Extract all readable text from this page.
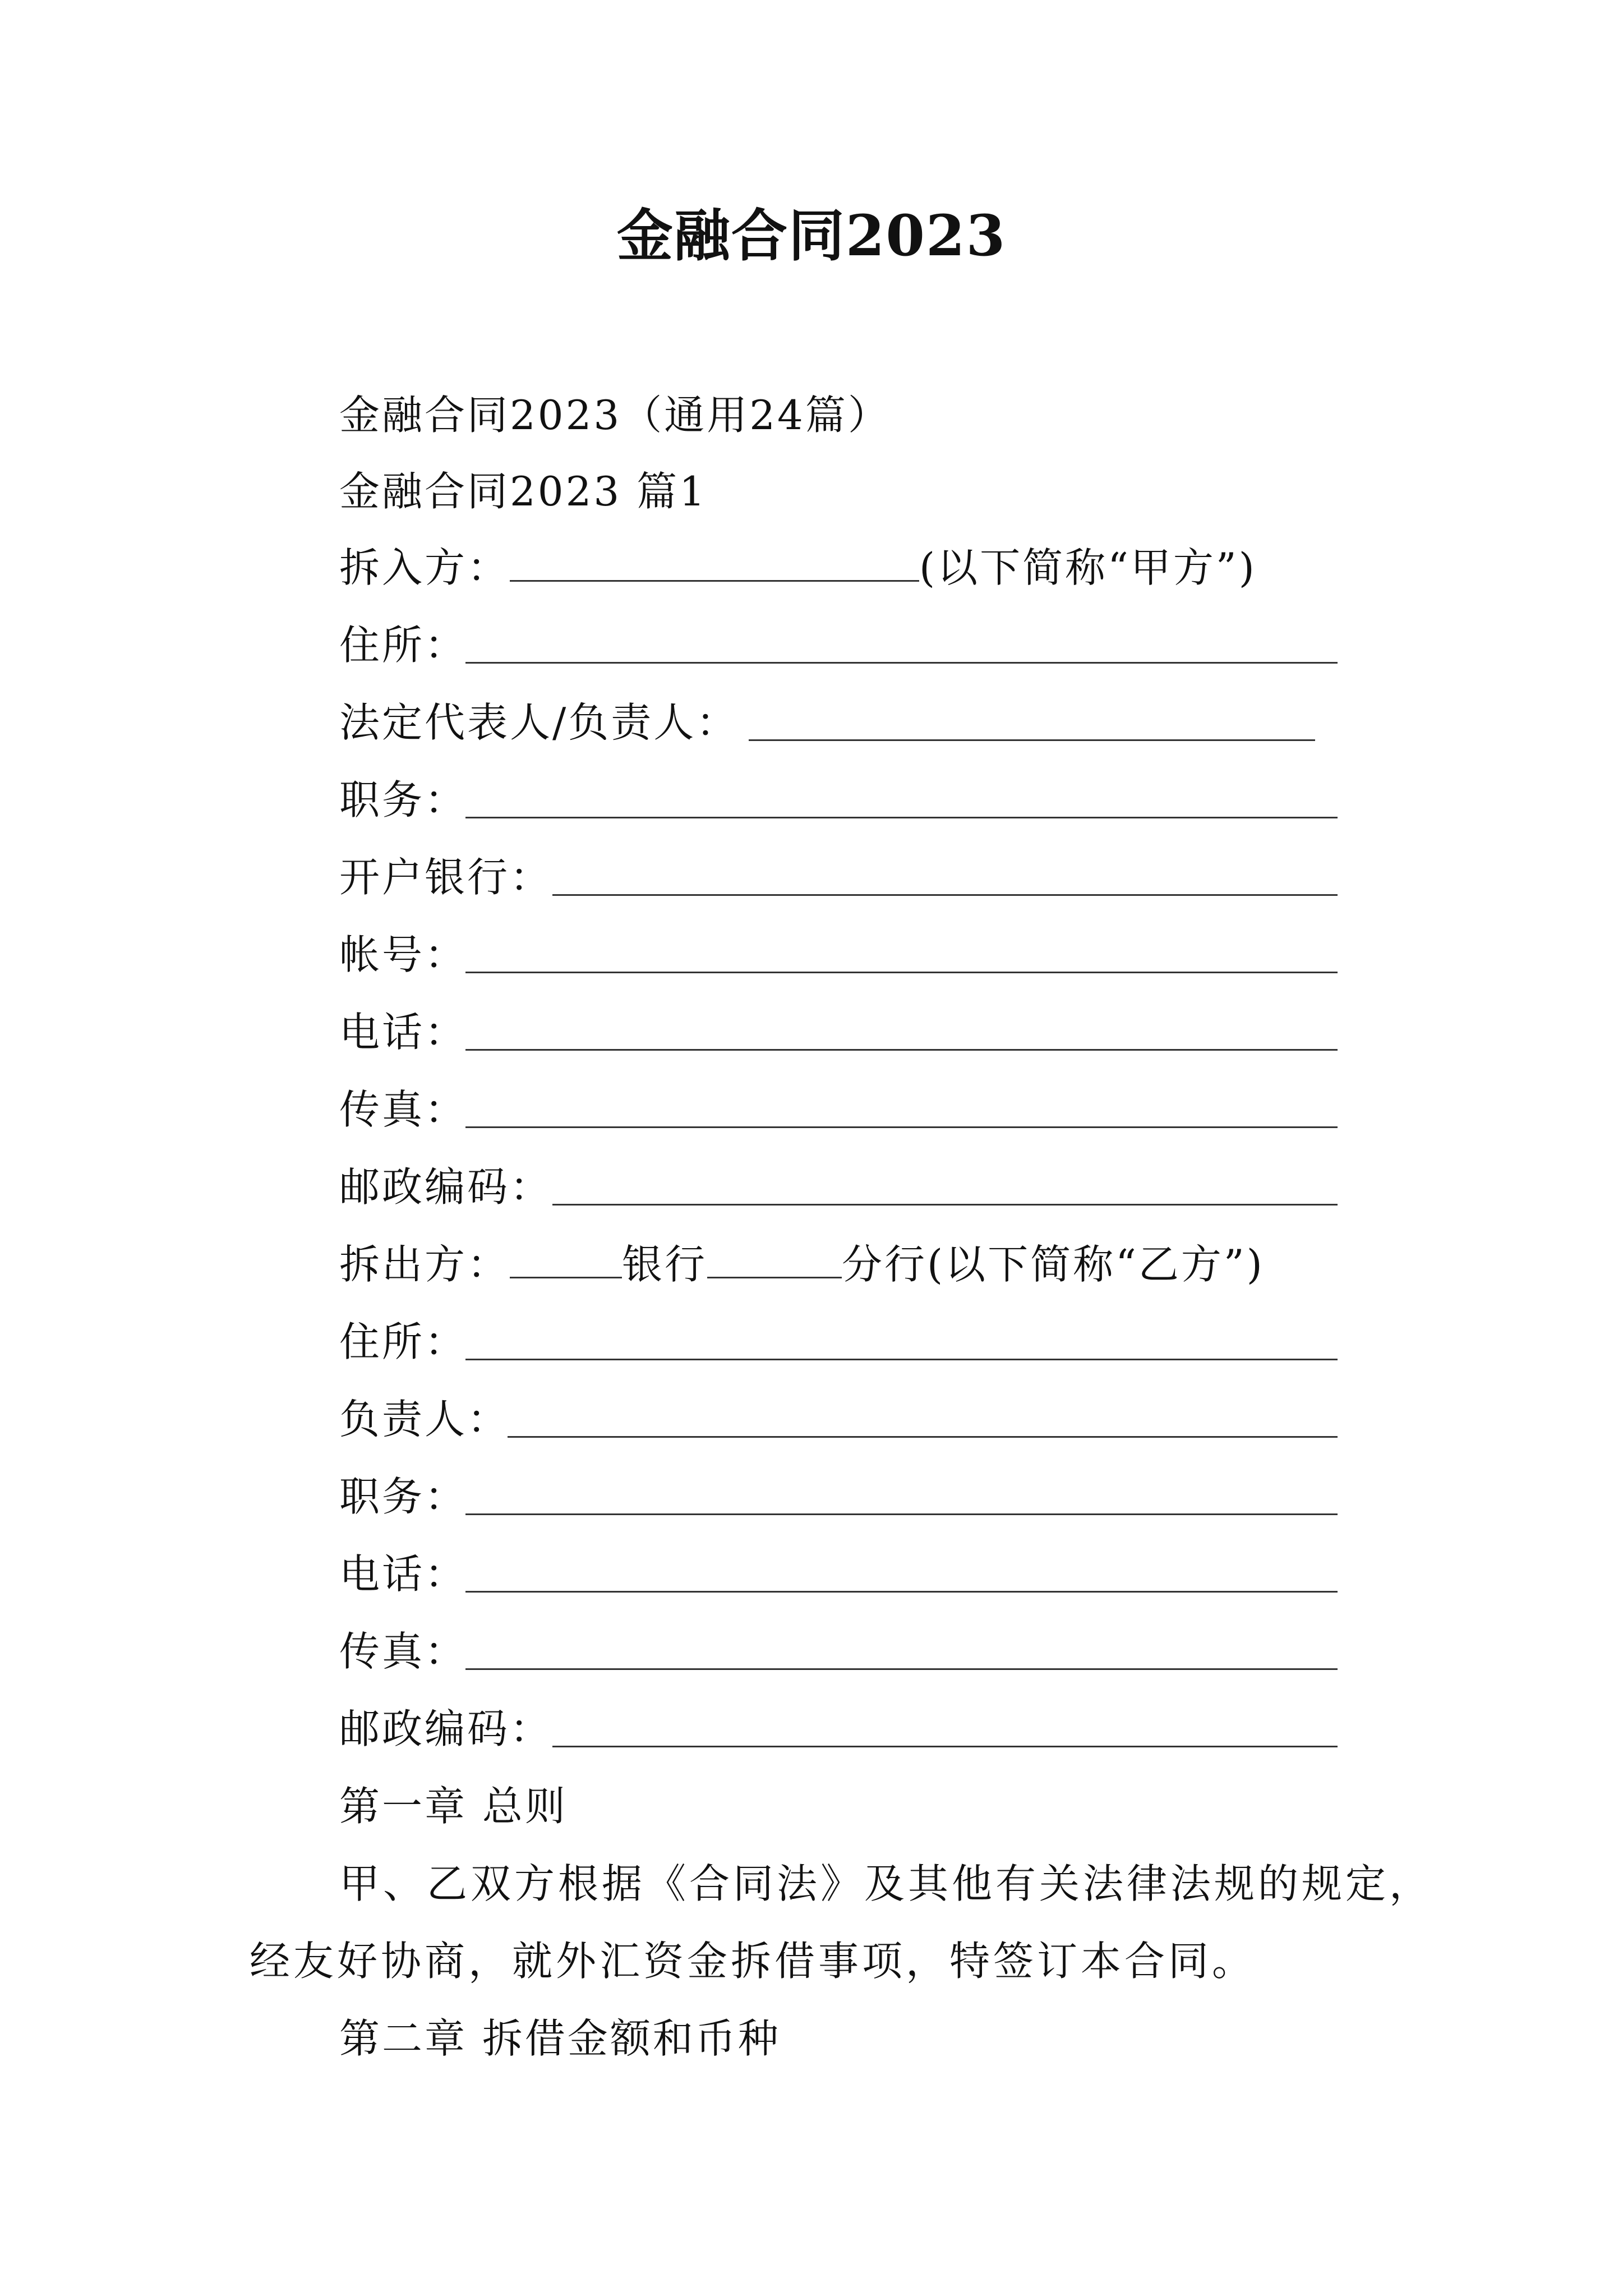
金融合同2023
金融合同2023（通用24篇）
金融合同2023 篇1
拆入方：	(以下简称“甲方”)
住所：
法定代表人/负责人：
职务：
开户银行：
帐号：
电话：
传真：
邮政编码：
拆出方：	银行	分行(以下简称“乙方”)
住所：
负责人：
职务：
电话：
传真：
邮政编码：
第一章 总则
甲、乙双方根据《合同法》及其他有关法律法规的规定，
经友好协商，就外汇资金拆借事项，特签订本合同。
第二章 拆借金额和币种
